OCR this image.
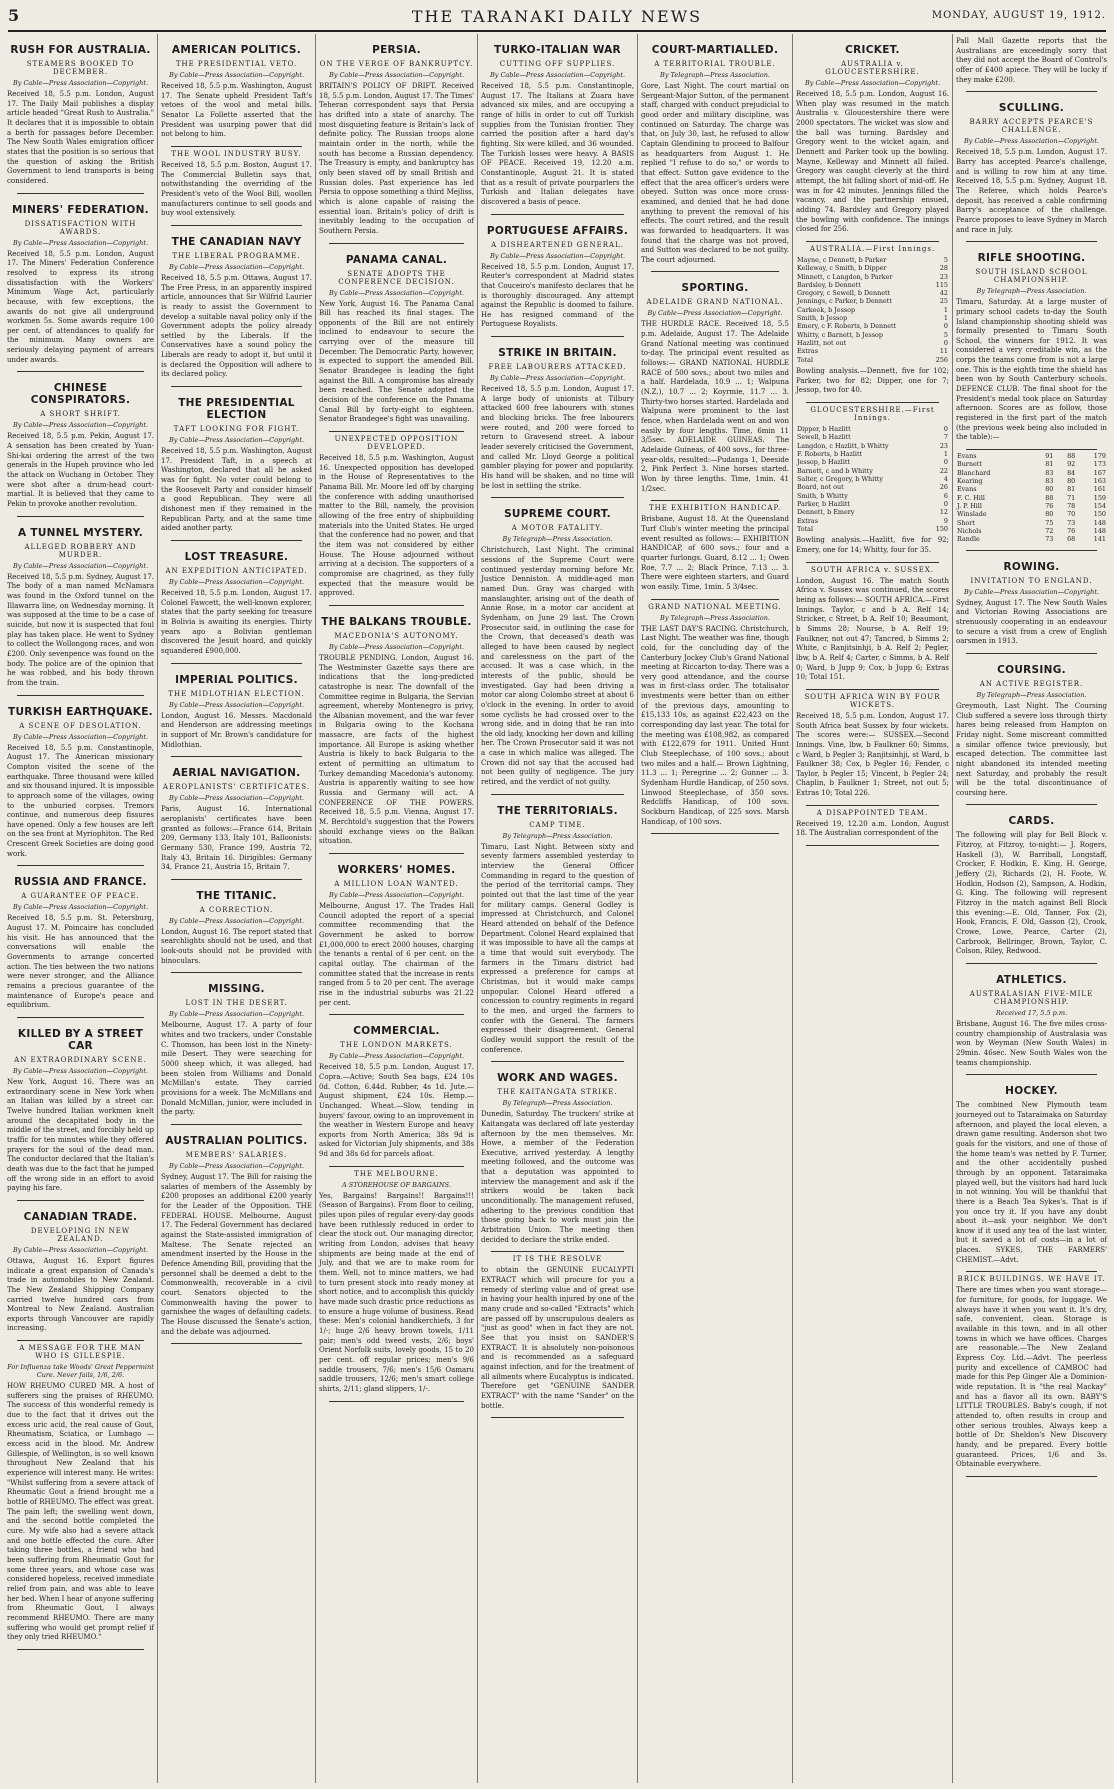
5	THE TARANAKI DAILY NEWS	MONDAY, AUGUST 19, 1912.
RUSH FOR AUSTRALIA.
STEAMERS BOOKED TO DECEMBER.
By Cable—Press Association—Copyright.
Received 18, 5.5 p.m. London, August 17. The Daily Mail publishes a display article headed "Great Rush to Australia." It declares that it is impossible to obtain a berth for passages before December. The New South Wales emigration officer states that the position is so serious that the question of asking the British Government to lend transports is being considered.
MINERS' FEDERATION.
DISSATISFACTION WITH AWARDS.
By Cable—Press Association—Copyright.
Received 18, 5.5 p.m. London, August 17. The Miners' Federation Conference resolved to express its strong dissatisfaction with the Workers' Minimum Wage Act, particularly because, with few exceptions, the awards do not give all underground workmen 5s. Some awards require 100 per cent. of attendances to qualify for the minimum. Many owners are seriously delaying payment of arrears under awards.
CHINESE CONSPIRATORS.
A SHORT SHRIFT.
By Cable—Press Association—Copyright.
Received 18, 5.5 p.m. Pekin, August 17. A sensation has been created by Yuan-Shi-kai ordering the arrest of the two generals in the Hupeh province who led the attack on Wuchang in October. They were shot after a drum-head court-martial. It is believed that they came to Pekin to provoke another revolution.
A TUNNEL MYSTERY.
ALLEGED ROBBERY AND MURDER.
By Cable—Press Association—Copyright.
Received 18, 5.5 p.m. Sydney, August 17. The body of a man named McNamara was found in the Oxford tunnel on the Illawarra line, on Wednesday morning. It was supposed at the time to be a case of suicide, but now it is suspected that foul play has taken place. He went to Sydney to collect the Wollongong races, and won £200. Only sevenpence was found on the body. The police are of the opinion that he was robbed, and his body thrown from the train.
TURKISH EARTHQUAKE.
A SCENE OF DESOLATION.
By Cable—Press Association—Copyright.
Received 18, 5.5 p.m. Constantinople, August 17. The American missionary Compton visited the scene of the earthquake. Three thousand were killed and six thousand injured. It is impossible to approach some of the villages, owing to the unburied corpses. Tremors continue, and numerous deep fissures have opened. Only a few houses are left on the sea front at Myriophiton. The Red Crescent Greek Societies are doing good work.
RUSSIA AND FRANCE.
A GUARANTEE OF PEACE.
By Cable—Press Association—Copyright.
Received 18, 5.5 p.m. St. Petersburg, August 17. M. Poincaire has concluded his visit. He has announced that the conversations will enable the Governments to arrange concerted action. The ties between the two nations were never stronger, and the Alliance remains a precious guarantee of the maintenance of Europe's peace and equilibrium.
KILLED BY A STREET CAR
AN EXTRAORDINARY SCENE.
By Cable—Press Association—Copyright.
New York, August 16. There was an extraordinary scene in New York when an Italian was killed by a street car. Twelve hundred Italian workmen knelt around the decapitated body in the middle of the street, and forcibly held up traffic for ten minutes while they offered prayers for the soul of the dead man. The conductor declared that the Italian's death was due to the fact that he jumped off the wrong side in an effort to avoid paying his fare.
CANADIAN TRADE.
DEVELOPING IN NEW ZEALAND.
By Cable—Press Association—Copyright.
Ottawa, August 16. Export figures indicate a great expansion of Canada's trade in automobiles to New Zealand. The New Zealand Shipping Company carried twelve hundred cars from Montreal to New Zealand. Australian exports through Vancouver are rapidly increasing.
A MESSAGE FOR THE MAN WHO IS GILLESPIE.
For Influenza take Woods' Great Peppermint Cure. Never fails, 1/6, 2/6.
HOW RHEUMO CURED MR. A host of sufferers sing the praises of RHEUMO. The success of this wonderful remedy is due to the fact that it drives out the excess uric acid, the real cause of Gout, Rheumatism, Sciatica, or Lumbago — excess acid in the blood. Mr. Andrew Gillespie, of Wellington, is so well known throughout New Zealand that his experience will interest many. He writes: "Whilst suffering from a severe attack of Rheumatic Gout a friend brought me a bottle of RHEUMO. The effect was great. The pain left; the swelling went down, and the second bottle completed the cure. My wife also had a severe attack and one bottle effected the cure. After taking three bottles, a friend who had been suffering from Rheumatic Gout for some three years, and whose case was considered hopeless, received immediate relief from pain, and was able to leave her bed. When I hear of anyone suffering from Rheumatic Gout, I always recommend RHEUMO. There are many suffering who would get prompt relief if they only tried RHEUMO."
AMERICAN POLITICS.
THE PRESIDENTIAL VETO.
By Cable—Press Association—Copyright.
Received 18, 5.5 p.m. Washington, August 17. The Senate upheld President Taft's vetoes of the wool and metal bills. Senator La Follette asserted that the President was usurping power that did not belong to him.
THE WOOL INDUSTRY BUSY.
Received 18, 5.5 p.m. Boston, August 17. The Commercial Bulletin says that, notwithstanding the overriding of the President's veto of the Wool Bill, woollen manufacturers continue to sell goods and buy wool extensively.
THE CANADIAN NAVY
THE LIBERAL PROGRAMME.
By Cable—Press Association—Copyright.
Received 18, 5.5 p.m. Ottawa, August 17. The Free Press, in an apparently inspired article, announces that Sir Wilfrid Laurier is ready to assist the Government to develop a suitable naval policy only if the Government adopts the policy already settled by the Liberals. If the Conservatives have a sound policy the Liberals are ready to adopt it, but until it is declared the Opposition will adhere to its declared policy.
THE PRESIDENTIAL ELECTION
TAFT LOOKING FOR FIGHT.
By Cable—Press Association—Copyright.
Received 18, 5.5 p.m. Washington, August 17. President Taft, in a speech at Washington, declared that all he asked was for fight. No voter could belong to the Roosevelt Party and consider himself a good Republican. They were all dishonest men if they remained in the Republican Party, and at the same time aided another party.
LOST TREASURE.
AN EXPEDITION ANTICIPATED.
By Cable—Press Association—Copyright.
Received 18, 5.5 p.m. London, August 17. Colonel Fawcett, the well-known explorer, states that the party seeking for treasure in Bolivia is awaiting its energies. Thirty years ago a Bolivian gentleman discovered the Jesuit hoard, and quickly squandered £900,000.
IMPERIAL POLITICS.
THE MIDLOTHIAN ELECTION.
By Cable—Press Association—Copyright.
London, August 16. Messrs. Macdonald and Henderson are addressing meetings in support of Mr. Brown's candidature for Midlothian.
AERIAL NAVIGATION.
AEROPLANISTS' CERTIFICATES.
By Cable—Press Association—Copyright.
Paris, August 16. International aeroplanists' certificates have been granted as follows:—France 614, Britain 209, Germany 133, Italy 101, Balloonists: Germany 530, France 199, Austria 72, Italy 43, Britain 16. Dirigibles: Germany 34, France 21, Austria 15, Britain 7.
THE TITANIC.
A CORRECTION.
By Cable—Press Association—Copyright.
London, August 16. The report stated that searchlights should not be used, and that look-outs should not be provided with binoculars.
MISSING.
LOST IN THE DESERT.
By Cable—Press Association—Copyright.
Melbourne, August 17. A party of four whites and two trackers, under Constable C. Thomson, has been lost in the Ninety-mile Desert. They were searching for 5000 sheep which, it was alleged, had been stolen from Williams and Donald McMillan's estate. They carried provisions for a week. The McMillans and Donald McMillan, junior, were included in the party.
AUSTRALIAN POLITICS.
MEMBERS' SALARIES.
By Cable—Press Association—Copyright.
Sydney, August 17. The Bill for raising the salaries of members of the Assembly by £200 proposes an additional £200 yearly for the Leader of the Opposition. THE FEDERAL HOUSE. Melbourne, August 17. The Federal Government has declared against the State-assisted immigration of Maltese. The Senate rejected an amendment inserted by the House in the Defence Amending Bill, providing that the personnel shall be deemed a debt to the Commonwealth, recoverable in a civil court. Senators objected to the Commonwealth having the power to garnishee the wages of defaulting cadets. The House discussed the Senate's action, and the debate was adjourned.
PERSIA.
ON THE VERGE OF BANKRUPTCY.
By Cable—Press Association—Copyright.
BRITAIN'S POLICY OF DRIFT. Received 18, 5.5 p.m. London, August 17. The Times' Teheran correspondent says that Persia has drifted into a state of anarchy. The most disquieting feature is Britain's lack of definite policy. The Russian troops alone maintain order in the north, while the south has become a Russian dependency. The Treasury is empty, and bankruptcy has only been staved off by small British and Russian doles. Past experience has led Persia to oppose something a third Mejliss, which is alone capable of raising the essential loan. Britain's policy of drift is inevitably leading to the occupation of Southern Persia.
PANAMA CANAL.
SENATE ADOPTS THE CONFERENCE DECISION.
By Cable—Press Association—Copyright.
New York, August 16. The Panama Canal Bill has reached its final stages. The opponents of the Bill are not entirely inclined to endeavour to secure the carrying over of the measure till December. The Democratic Party, however, is expected to support the amended Bill. Senator Brandegee is leading the fight against the Bill. A compromise has already been reached. The Senate adopted the decision of the conference on the Panama Canal Bill by forty-eight to eighteen. Senator Brandegee's fight was unavailing.
UNEXPECTED OPPOSITION DEVELOPED.
Received 18, 5.5 p.m. Washington, August 16. Unexpected opposition has developed in the House of Representatives to the Panama Bill. Mr. Moore led off by charging the conference with adding unauthorised matter to the Bill, namely, the provision allowing of the free entry of shipbuilding materials into the United States. He urged that the conference had no power, and that the item was not considered by either House. The House adjourned without arriving at a decision. The supporters of a compromise are chagrined, as they fully expected that the measure would be approved.
THE BALKANS TROUBLE.
MACEDONIA'S AUTONOMY.
By Cable—Press Association—Copyright.
TROUBLE PENDING. London, August 16. The Westminster Gazette says there are indications that the long-predicted catastrophe is near. The downfall of the Committee regime in Bulgaria, the Servian agreement, whereby Montenegro is privy, the Albanian movement, and the war fever in Bulgaria owing to the Kochana massacre, are facts of the highest importance. All Europe is asking whether Austria is likely to back Bulgaria to the extent of permitting an ultimatum to Turkey demanding Macedonia's autonomy. Austria is apparently waiting to see how Russia and Germany will act. A CONFERENCE OF THE POWERS. Received 18, 5.5 p.m. Vienna, August 17. M. Berchtold's suggestion that the Powers should exchange views on the Balkan situation.
WORKERS' HOMES.
A MILLION LOAN WANTED.
By Cable—Press Association—Copyright.
Melbourne, August 17. The Trades Hall Council adopted the report of a special committee recommending that the Government be asked to borrow £1,000,000 to erect 2000 houses, charging the tenants a rental of 6 per cent. on the capital outlay. The chairman of the committee stated that the increase in rents ranged from 5 to 20 per cent. The average rise in the industrial suburbs was 21.22 per cent.
COMMERCIAL.
THE LONDON MARKETS.
By Cable—Press Association—Copyright.
Received 18, 5.5 p.m. London, August 17. Copra.—Active; South Sea bags, £24 10s 0d. Cotton, 6.44d. Rubber, 4s 1d. Jute.—August shipment, £24 10s. Hemp.—Unchanged. Wheat.—Slow, tending in buyers' favour, owing to an improvement in the weather in Western Europe and heavy exports from North America; 38s 9d is asked for Victorian July shipments, and 38s 9d and 38s 6d for parcels afloat.
THE MELBOURNE.
A STOREHOUSE OF BARGAINS.
Yes, Bargains! Bargains!! Bargains!!! (Season of Bargains). From floor to ceiling, piles upon piles of regular every-day goods have been ruthlessly reduced in order to clear the stock out. Our managing director, writing from London, advises that heavy shipments are being made at the end of July, and that we are to make room for them. Well, not to mince matters, we had to turn present stock into ready money at short notice, and to accomplish this quickly have made such drastic price reductions as to ensure a huge volume of business. Read these: Men's colonial handkerchiefs, 3 for 1/-; huge 2/6 heavy brown towels, 1/11 pair; men's odd tweed vests, 2/6; boys' Orient Norfolk suits, lovely goods, 15 to 20 per cent. off regular prices; men's 9/6 saddle trousers, 7/6; men's 15/6 Oamaru saddle trousers, 12/6; men's smart college shirts, 2/11; gland slippers, 1/-.
TURKO-ITALIAN WAR
CUTTING OFF SUPPLIES.
By Cable—Press Association—Copyright.
Received 18, 5.5 p.m. Constantinople, August 17. The Italians at Zuara have advanced six miles, and are occupying a range of hills in order to cut off Turkish supplies from the Tunisian frontier. They carried the position after a hard day's fighting. Six were killed, and 36 wounded. The Turkish losses were heavy. A BASIS OF PEACE. Received 19, 12.20 a.m. Constantinople, August 21. It is stated that as a result of private pourparlers the Turkish and Italian delegates have discovered a basis of peace.
PORTUGUESE AFFAIRS.
A DISHEARTENED GENERAL.
By Cable—Press Association—Copyright.
Received 18, 5.5 p.m. London, August 17. Reuter's correspondent at Madrid states that Couceiro's manifesto declares that he is thoroughly discouraged. Any attempt against the Republic is doomed to failure. He has resigned command of the Portuguese Royalists.
STRIKE IN BRITAIN.
FREE LABOURERS ATTACKED.
By Cable—Press Association—Copyright.
Received 18, 5.5 p.m. London, August 17. A large body of unionists at Tilbury attacked 600 free labourers with stones and blocking bricks. The free labourers were routed, and 200 were forced to return to Gravesend street. A labour leader severely criticised the Government, and called Mr. Lloyd George a political gambler playing for power and popularity. His hand will be shaken, and no time will be lost in settling the strike.
SUPREME COURT.
A MOTOR FATALITY.
By Telegraph—Press Association.
Christchurch, Last Night. The criminal sessions of the Supreme Court were continued yesterday morning before Mr. Justice Denniston. A middle-aged man named Dun. Gray was charged with manslaughter, arising out of the death of Annie Rose, in a motor car accident at Sydenham, on June 29 last. The Crown Prosecutor said, in outlining the case for the Crown, that deceased's death was alleged to have been caused by neglect and carelessness on the part of the accused. It was a case which, in the interests of the public, should be investigated. Gay had been driving a motor car along Colombo street at about 6 o'clock in the evening. In order to avoid some cyclists he had crossed over to the wrong side, and in doing that he ran into the old lady, knocking her down and killing her. The Crown Prosecutor said it was not a case in which malice was alleged. The Crown did not say that the accused had not been guilty of negligence. The jury retired, and the verdict of not guilty.
THE TERRITORIALS.
CAMP TIME.
By Telegraph—Press Association.
Timaru, Last Night. Between sixty and seventy farmers assembled yesterday to interview the General Officer Commanding in regard to the question of the period of the territorial camps. They pointed out that the last time of the year for military camps. General Godley is impressed at Christchurch, and Colonel Heard attended on behalf of the Defence Department. Colonel Heard explained that it was impossible to have all the camps at a time that would suit everybody. The farmers in the Timaru district had expressed a preference for camps at Christmas, but it would make camps unpopular. Colonel Heard offered a concession to country regiments in regard to the men, and urged the farmers to confer with the General. The farmers expressed their disagreement. General Godley would support the result of the conference.
WORK AND WAGES.
THE KAITANGATA STRIKE.
By Telegraph—Press Association.
Dunedin, Saturday. The truckers' strike at Kaitangata was declared off late yesterday afternoon by the men themselves. Mr. Howe, a member of the Federation Executive, arrived yesterday. A lengthy meeting followed, and the outcome was that a deputation was appointed to interview the management and ask if the strikers would be taken back unconditionally. The management refused, adhering to the previous condition that those going back to work must join the Arbitration Union. The meeting then decided to declare the strike ended.
IT IS THE RESOLVE
to obtain the GENUINE EUCALYPTI EXTRACT which will procure for you a remedy of sterling value and of great use in having your health injured by one of the many crude and so-called "Extracts" which are passed off by unscrupulous dealers as "just as good" when in fact they are not. See that you insist on SANDER'S EXTRACT. It is absolutely non-poisonous and is recommended as a safeguard against infection, and for the treatment of all ailments where Eucalyptus is indicated. Therefore get "GENUINE SANDER EXTRACT" with the name "Sander" on the bottle.
COURT-MARTIALLED.
A TERRITORIAL TROUBLE.
By Telegraph—Press Association.
Gore, Last Night. The court martial on Sergeant-Major Sutton, of the permanent staff, charged with conduct prejudicial to good order and military discipline, was continued on Saturday. The charge was that, on July 30, last, he refused to allow Captain Glendining to proceed to Balfour as headquarters from August 1. He replied "I refuse to do so," or words to that effect. Sutton gave evidence to the effect that the area officer's orders were obeyed. Sutton was once more cross-examined, and denied that he had done anything to prevent the removal of his effects. The court retired, and the result was forwarded to headquarters. It was found that the charge was not proved, and Sutton was declared to be not guilty. The court adjourned.
SPORTING.
ADELAIDE GRAND NATIONAL.
By Cable—Press Association—Copyright.
THE HURDLE RACE. Received 18, 5.5 p.m. Adelaide, August 17. The Adelaide Grand National meeting was continued to-day. The principal event resulted as follows:— GRAND NATIONAL HURDLE RACE of 500 sovs.; about two miles and a half. Hardelada, 10.9 ... 1; Walpuna (N.Z.), 10.7 ... 2; Koyrmie, 11.7 ... 3. Thirty-two horses started. Hardelada and Walpuna were prominent to the last fence, when Hardelada went on and won easily by four lengths. Time, 6min 11 3/5sec. ADELAIDE GUINEAS. The Adelaide Guineas, of 400 sovs., for three-year-olds, resulted:—Pudanga 1, Deeside 2, Pink Perfect 3. Nine horses started. Won by three lengths. Time, 1min. 41 1/2sec.
THE EXHIBITION HANDICAP.
Brisbane, August 18. At the Queensland Turf Club's winter meeting the principal event resulted as follows:— EXHIBITION HANDICAP, of 600 sovs.; four and a quarter furlongs. Guard, 8.12 ... 1; Owen Roe, 7.7 ... 2; Black Prince, 7.13 ... 3. There were eighteen starters, and Guard won easily. Time, 1min. 5 3/4sec.
GRAND NATIONAL MEETING.
By Telegraph—Press Association.
THE LAST DAY'S RACING. Christchurch, Last Night. The weather was fine, though cold, for the concluding day of the Canterbury Jockey Club's Grand National meeting at Riccarton to-day. There was a very good attendance, and the course was in first-class order. The totalisator investments were better than on either of the previous days, amounting to £15,133 10s, as against £22,423 on the corresponding day last year. The total for the meeting was £108,982, as compared with £122,679 for 1911. United Hunt Club Steeplechase, of 100 sovs.; about two miles and a half.— Brown Lightning, 11.3 ... 1; Peregrine ... 2; Gunner ... 3. Sydenham Hurdle Handicap, of 250 sovs. Linwood Steeplechase, of 350 sovs. Redcliffs Handicap, of 100 sovs. Sockburn Handicap, of 225 sovs. Marsh Handicap, of 100 sovs.
CRICKET.
AUSTRALIA v. GLOUCESTERSHIRE.
By Cable—Press Association—Copyright.
Received 18, 5.5 p.m. London, August 16. When play was resumed in the match Australia v. Gloucestershire there were 2000 spectators. The wicket was slow and the ball was turning. Bardsley and Gregory went to the wicket again, and Dennett and Parker took up the bowling. Mayne, Kelleway and Minnett all failed. Gregory was caught cleverly at the third attempt, the hit falling short of mid-off. He was in for 42 minutes. Jennings filled the vacancy, and the partnership ensued, adding 74. Bardsley and Gregory played the bowling with confidence. The innings closed for 256.
AUSTRALIA.—First Innings.
Mayne, c Dennett, b Parker	5
Kelleway, c Smith, b Dipper	28
Minnett, c Langdon, b Parker	23
Bardsley, b Dennett	115
Gregory, c Sewell, b Dennett	42
Jennings, c Parker, b Dennett	25
Carkeek, b Jessop	1
Smith, b Jessop	1
Emery, c F. Roberts, b Dennett	0
Whitty, c Barnett, b Jessop	5
Hazlitt, not out	0
Extras	11
Total	256
Bowling analysis.—Dennett, five for 102; Parker, two for 82; Dipper, one for 7; Jessop, two for 40.
GLOUCESTERSHIRE.—First Innings.
Dipper, b Hazlitt	0
Sewell, b Hazlitt	7
Langdon, c Hazlitt, b Whitty	23
F. Roberts, b Hazlitt	1
Jessop, b Hazlitt	0
Barnett, c and b Whitty	22
Salter, c Gregory, b Whitty	4
Board, not out	26
Smith, b Whitty	6
Parker, b Hazlitt	0
Dennett, b Emery	12
Extras	9
Total	150
Bowling analysis.—Hazlitt, five for 92; Emery, one for 14; Whitty, four for 35.
SOUTH AFRICA v. SUSSEX.
London, August 16. The match South Africa v. Sussex was continued, the scores being as follows:— SOUTH AFRICA.—First Innings. Taylor, c and b A. Relf 14; Stricker, c Street, b A. Relf 10; Beaumont, b Simms 28; Nourse, b A. Relf 19; Faulkner, not out 47; Tancred, b Simms 2; White, c Ranjitsinhji, b A. Relf 2; Pegler, lbw, b A. Relf 4; Carter, c Simms, b A. Relf 0; Ward, b Jupp 9; Cox, b Jupp 6; Extras 10; Total 151.
SOUTH AFRICA WIN BY FOUR WICKETS.
Received 18, 5.5 p.m. London, August 17. South Africa beat Sussex by four wickets. The scores were:— SUSSEX.—Second Innings. Vine, lbw, b Faulkner 60; Simms, c Ward, b Pegler 3; Ranjitsinhji, st Ward, b Faulkner 38; Cox, b Pegler 16; Fender, c Taylor, b Pegler 15; Vincent, b Pegler 24; Chaplin, b Faulkner 1; Street, not out 5; Extras 10; Total 226.
A DISAPPOINTED TEAM.
Received 19, 12.20 a.m. London, August 18. The Australian correspondent of the
Pall Mall Gazette reports that the Australians are exceedingly sorry that they did not accept the Board of Control's offer of £400 apiece. They will be lucky if they make £200.
SCULLING.
BARRY ACCEPTS PEARCE'S CHALLENGE.
By Cable—Press Association—Copyright.
Received 18, 5.5 p.m. London, August 17. Barry has accepted Pearce's challenge, and is willing to row him at any time. Received 18, 5.5 p.m. Sydney, August 18. The Referee, which holds Pearce's deposit, has received a cable confirming Barry's acceptance of the challenge. Pearce proposes to leave Sydney in March and race in July.
RIFLE SHOOTING.
SOUTH ISLAND SCHOOL CHAMPIONSHIP.
By Telegraph—Press Association.
Timaru, Saturday. At a large muster of primary school cadets to-day the South Island championship shooting shield was formally presented to Timaru South School, the winners for 1912. It was considered a very creditable win, as the corps the teams come from is not a large one. This is the eighth time the shield has been won by South Canterbury schools. DEFENCE CLUB. The final shoot for the President's medal took place on Saturday afternoon. Scores are as follow, those registered in the first part of the match (the previous week being also included in the table):—
Evans	91	88	179
Burnett	81	92	173
Blanchard	83	84	167
Kearing	83	80	163
Evans	80	81	161
F. C. Hill	88	71	159
J. P. Hill	76	78	154
Winslade	80	70	150
Short	75	73	148
Nichols	72	76	148
Randle	73	68	141
ROWING.
INVITATION TO ENGLAND.
By Cable—Press Association—Copyright.
Sydney, August 17. The New South Wales and Victorian Rowing Associations are strenuously cooperating in an endeavour to secure a visit from a crew of English oarsmen in 1913.
COURSING.
AN ACTIVE REGISTER.
By Telegraph—Press Association.
Greymouth, Last Night. The Coursing Club suffered a severe loss through thirty hares being released from Hampton on Friday night. Some miscreant committed a similar offence twice previously, but escaped detection. The committee last night abandoned its intended meeting next Saturday, and probably the result will be the total discontinuance of coursing here.
CARDS.
The following will play for Bell Block v. Fitzroy, at Fitzroy, to-night:— J. Rogers, Haskell (3), W. Barriball, Longstaff, Crocker, F. Hodkin, E. King, H. George, Jeffery (2), Richards (2), H. Foote, W. Hodkin, Hodson (2), Sampson, A. Hodkin, G. King. The following will represent Fitzroy in the match against Bell Block this evening:—E. Old, Tanner, Fox (2), Hook, Francis, F. Old, Gasson (2), Crook, Crowe, Lowe, Pearce, Carter (2), Carbrook, Bellringer, Brown, Taylor, C. Colson, Riley, Redwood.
ATHLETICS.
AUSTRALASIAN FIVE-MILE CHAMPIONSHIP.
Received 17, 5.5 p.m.
Brisbane, August 16. The five miles cross-country championship of Australasia was won by Weyman (New South Wales) in 29min. 46sec. New South Wales won the teams championship.
HOCKEY.
The combined New Plymouth team journeyed out to Tataraimaka on Saturday afternoon, and played the local eleven, a drawn game resulting. Anderson shot two goals for the visitors, and one of those of the home team's was netted by F. Turner, and the other accidentally pushed through by an opponent. Tataraimaka played well, but the visitors had hard luck in not winning. You will be thankful that there is a Beach Tea Sykes's. That is if you once try it. If you have any doubt about it—ask your neighbor. We don't know if it used any tea of the last winter, but it saved a lot of costs—in a lot of places. SYKES, THE FARMERS' CHEMIST.—Advt.
BRICK BUILDINGS. WE HAVE IT.
There are times when you want storage—for furniture, for goods, for luggage. We always have it when you want it. It's dry, safe, convenient, clean. Storage is available in this town, and in all other towns in which we have offices. Charges are reasonable.—The New Zealand Express Coy. Ltd.—Advt. The peerless purity and excellence of CAMBOC had made for this Pep Ginger Ale a Dominion-wide reputation. It is "the real Mackay" and has a flavor all its own. BABY'S LITTLE TROUBLES. Baby's cough, if not attended to, often results in croup and other serious troubles. Always keep a bottle of Dr. Sheldon's New Discovery handy, and be prepared. Every bottle guaranteed. Prices, 1/6 and 3s. Obtainable everywhere.
